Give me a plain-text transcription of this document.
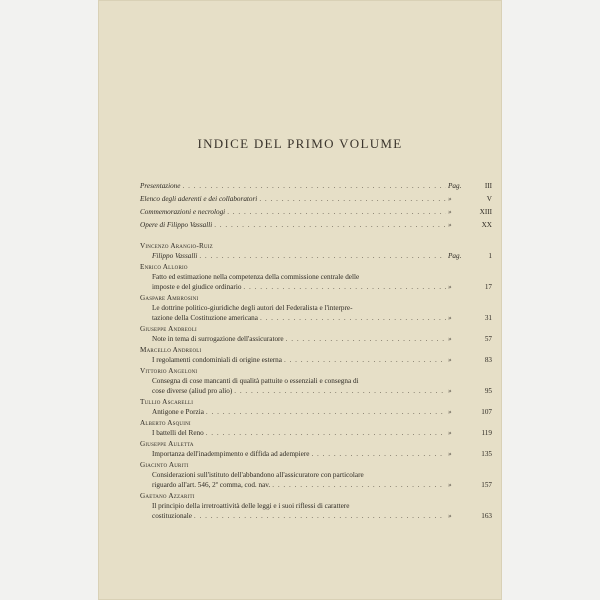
INDICE DEL PRIMO VOLUME
Presentazione . . .	Pag.	III
Elenco degli aderenti e dei collaboratori . . .	»	V
Commemorazioni e necrologi . . .	»	XIII
Opere di Filippo Vassalli . . .	»	XX
Vincenzo Arangio-Ruiz
Filippo Vassalli . . .	Pag.	1
Enrico Allorio
Fatto ed estimazione nella competenza della commissione centrale delle
imposte e del giudice ordinario . . .	»	17
Gaspare Ambrosini
Le dottrine politico-giuridiche degli autori del Federalista e l'interpre-
tazione della Costituzione americana . . .	»	31
Giuseppe Andreoli
Note in tema di surrogazione dell'assicuratore . . .	»	57
Marcello Andreoli
I regolamenti condominiali di origine esterna . . .	»	83
Vittorio Angeloni
Consegna di cose mancanti di qualità pattuite o essenziali e consegna di
cose diverse (aliud pro alio) . . .	»	95
Tullio Ascarelli
Antigone e Porzia . . .	»	107
Alberto Asquini
I battelli del Reno . . .	»	119
Giuseppe Auletta
Importanza dell'inadempimento e diffida ad adempiere . . .	»	135
Giacinto Auriti
Considerazioni sull'istituto dell'abbandono all'assicuratore con particolare
riguardo all'art. 546, 2º comma, cod. nav. . . .	»	157
Gaetano Azzariti
Il principio della irretroattività delle leggi e i suoi riflessi di carattere
costituzionale . . .	»	163
